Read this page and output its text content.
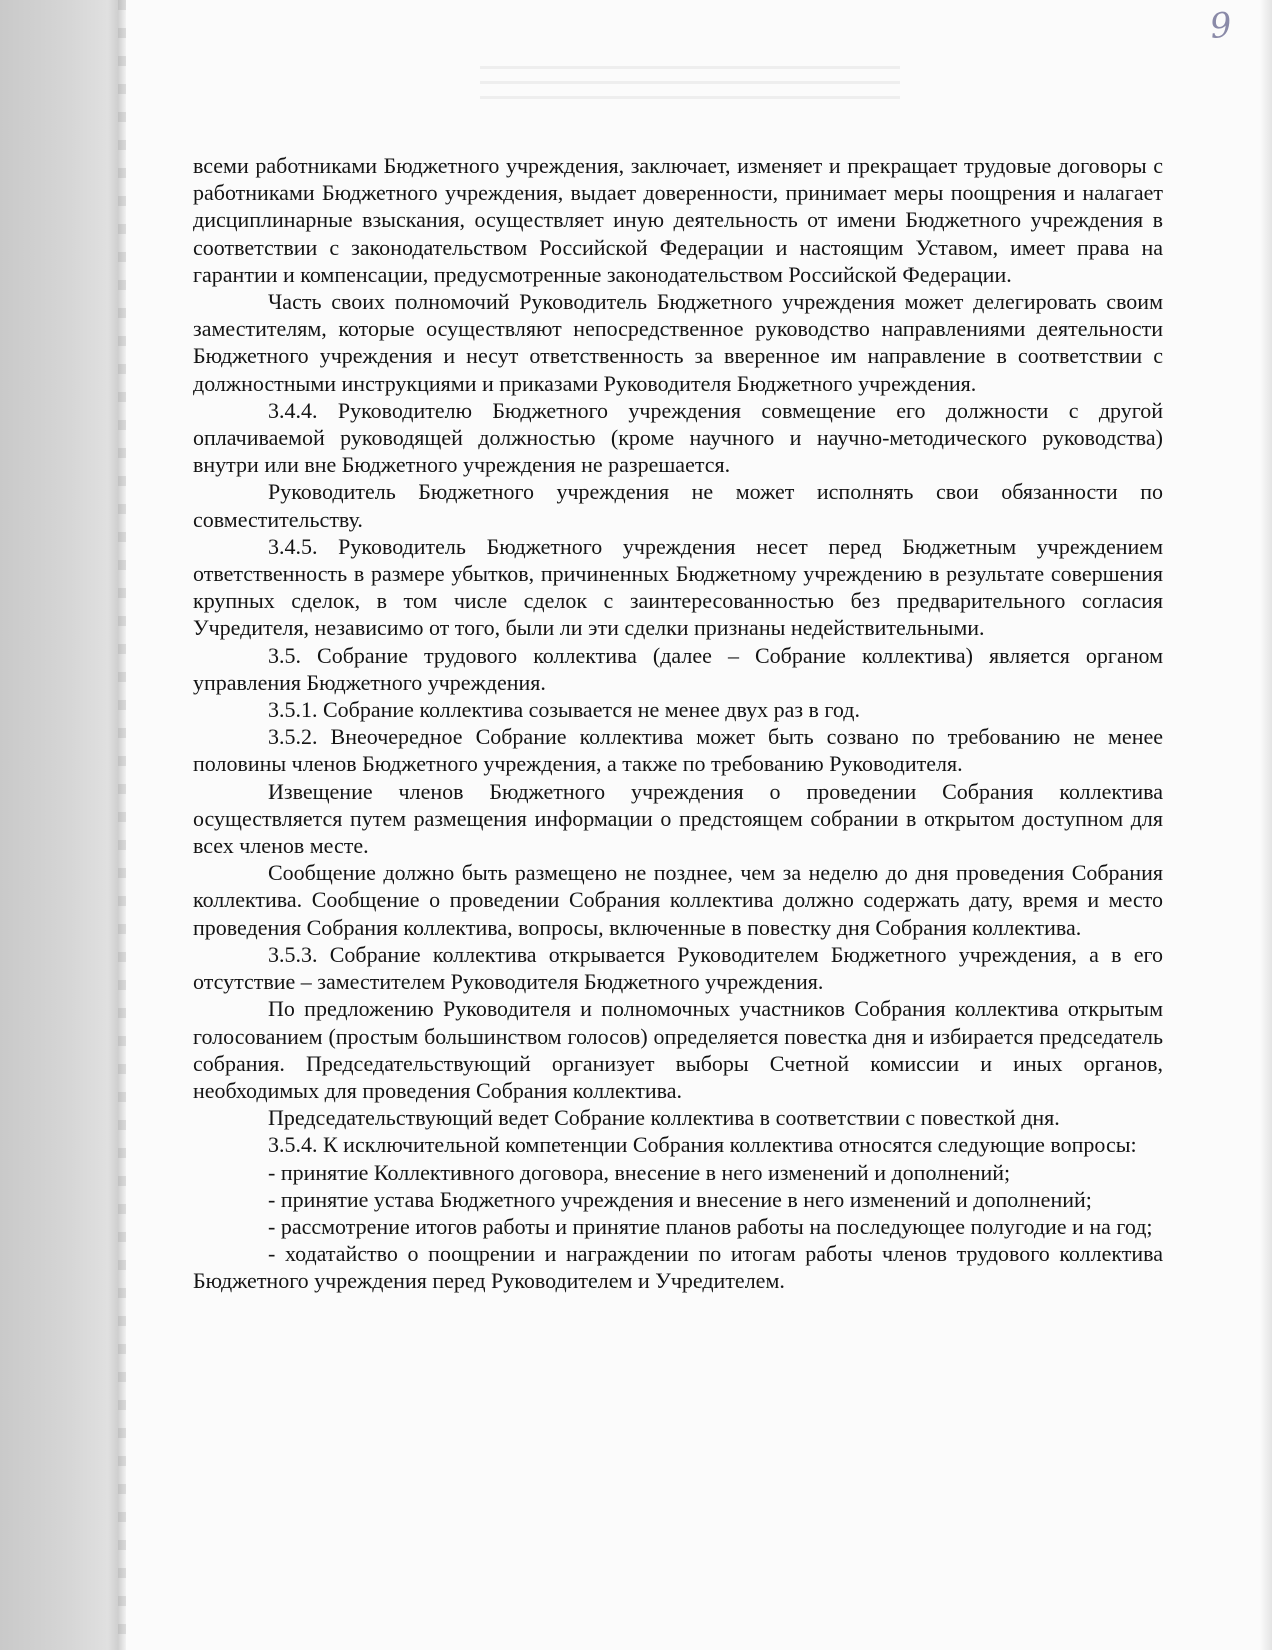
9

всеми работниками Бюджетного учреждения, заключает, изменяет и прекращает трудовые договоры с работниками Бюджетного учреждения, выдает доверенности, принимает меры поощрения и налагает дисциплинарные взыскания, осуществляет иную деятельность от имени Бюджетного учреждения в соответствии с законодательством Российской Федерации и настоящим Уставом, имеет права на гарантии и компенсации, предусмотренные законодательством Российской Федерации.

Часть своих полномочий Руководитель Бюджетного учреждения может делегировать своим заместителям, которые осуществляют непосредственное руководство направлениями деятельности Бюджетного учреждения и несут ответственность за вверенное им направление в соответствии с должностными инструкциями и приказами Руководителя Бюджетного учреждения.

3.4.4. Руководителю Бюджетного учреждения совмещение его должности с другой оплачиваемой руководящей должностью (кроме научного и научно-методического руководства) внутри или вне Бюджетного учреждения не разрешается.

Руководитель Бюджетного учреждения не может исполнять свои обязанности по совместительству.

3.4.5. Руководитель Бюджетного учреждения несет перед Бюджетным учреждением ответственность в размере убытков, причиненных Бюджетному учреждению в результате совершения крупных сделок, в том числе сделок с заинтересованностью без предварительного согласия Учредителя, независимо от того, были ли эти сделки признаны недействительными.

3.5. Собрание трудового коллектива (далее – Собрание коллектива) является органом управления Бюджетного учреждения.

3.5.1. Собрание коллектива созывается не менее двух раз в год.

3.5.2. Внеочередное Собрание коллектива может быть созвано по требованию не менее половины членов Бюджетного учреждения, а также по требованию Руководителя.

Извещение членов Бюджетного учреждения о проведении Собрания коллектива осуществляется путем размещения информации о предстоящем собрании в открытом доступном для всех членов месте.

Сообщение должно быть размещено не позднее, чем за неделю до дня проведения Собрания коллектива. Сообщение о проведении Собрания коллектива должно содержать дату, время и место проведения Собрания коллектива, вопросы, включенные в повестку дня Собрания коллектива.

3.5.3. Собрание коллектива открывается Руководителем Бюджетного учреждения, а в его отсутствие – заместителем Руководителя Бюджетного учреждения.

По предложению Руководителя и полномочных участников Собрания коллектива открытым голосованием (простым большинством голосов) определяется повестка дня и избирается председатель собрания. Председательствующий организует выборы Счетной комиссии и иных органов, необходимых для проведения Собрания коллектива.

Председательствующий ведет Собрание коллектива в соответствии с повесткой дня.

3.5.4. К исключительной компетенции Собрания коллектива относятся следующие вопросы:

- принятие Коллективного договора, внесение в него изменений и дополнений;

- принятие устава Бюджетного учреждения и внесение в него изменений и дополнений;

- рассмотрение итогов работы и принятие планов работы на последующее полугодие и на год;

- ходатайство о поощрении и награждении по итогам работы членов трудового коллектива Бюджетного учреждения перед Руководителем и Учредителем.
